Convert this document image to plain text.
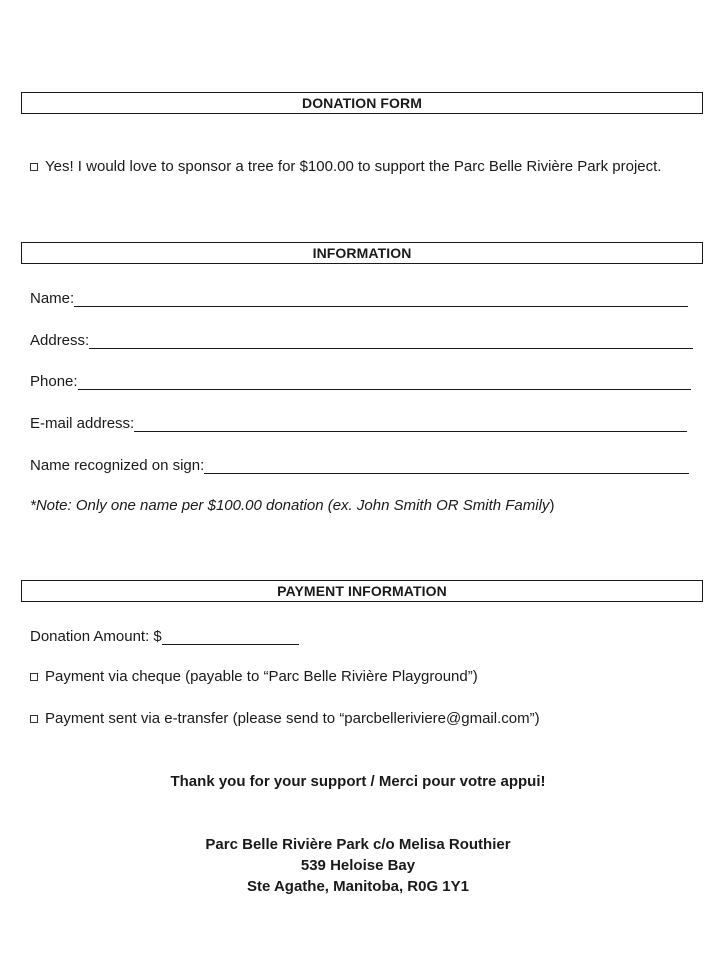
DONATION FORM
Yes! I would love to sponsor a tree for $100.00 to support the Parc Belle Rivière Park project.
INFORMATION
Name:
Address:
Phone:
E-mail address:
Name recognized on sign:
*Note: Only one name per $100.00 donation (ex. John Smith OR Smith Family)
PAYMENT INFORMATION
Donation Amount: $
Payment via cheque (payable to “Parc Belle Rivière Playground”)
Payment sent via e-transfer (please send to “parcbelleriviere@gmail.com”)
Thank you for your support / Merci pour votre appui!
Parc Belle Rivière Park c/o Melisa Routhier
539 Heloise Bay
Ste Agathe, Manitoba, R0G 1Y1
